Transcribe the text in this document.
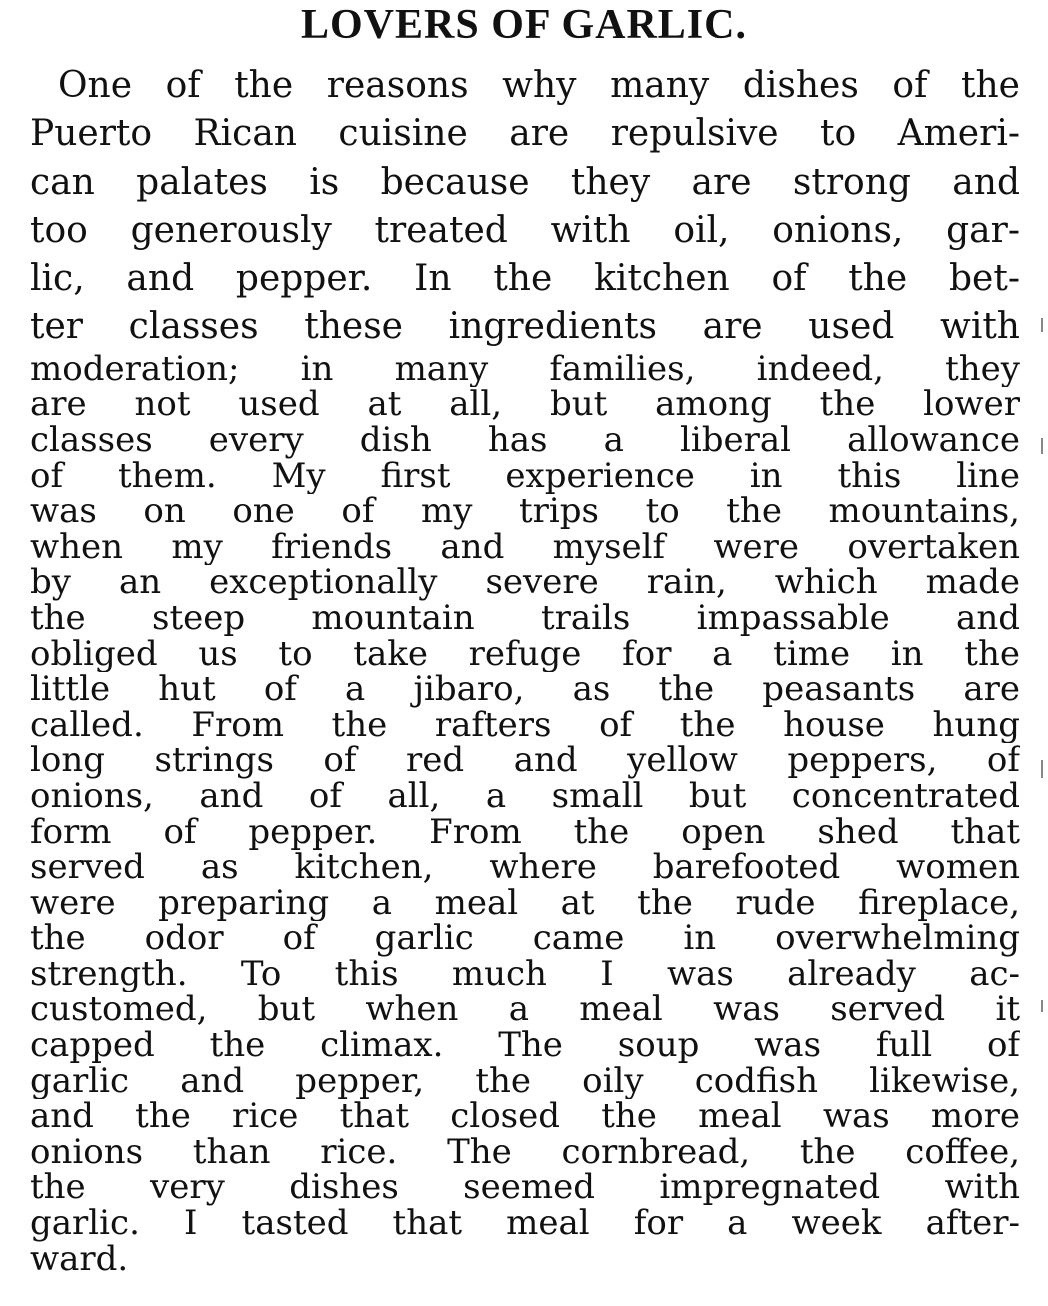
LOVERS OF GARLIC.
One of the reasons why many dishes of the
Puerto Rican cuisine are repulsive to Ameri-
can palates is because they are strong and
too generously treated with oil, onions, gar-
lic, and pepper. In the kitchen of the bet-
ter classes these ingredients are used with
moderation; in many families, indeed, they
are not used at all, but among the lower
classes every dish has a liberal allowance
of them. My first experience in this line
was on one of my trips to the mountains,
when my friends and myself were overtaken
by an exceptionally severe rain, which made
the steep mountain trails impassable and
obliged us to take refuge for a time in the
little hut of a jibaro, as the peasants are
called. From the rafters of the house hung
long strings of red and yellow peppers, of
onions, and of all, a small but concentrated
form of pepper. From the open shed that
served as kitchen, where barefooted women
were preparing a meal at the rude fireplace,
the odor of garlic came in overwhelming
strength. To this much I was already ac-
customed, but when a meal was served it
capped the climax. The soup was full of
garlic and pepper, the oily codfish likewise,
and the rice that closed the meal was more
onions than rice. The cornbread, the coffee,
the very dishes seemed impregnated with
garlic. I tasted that meal for a week after-
ward.
